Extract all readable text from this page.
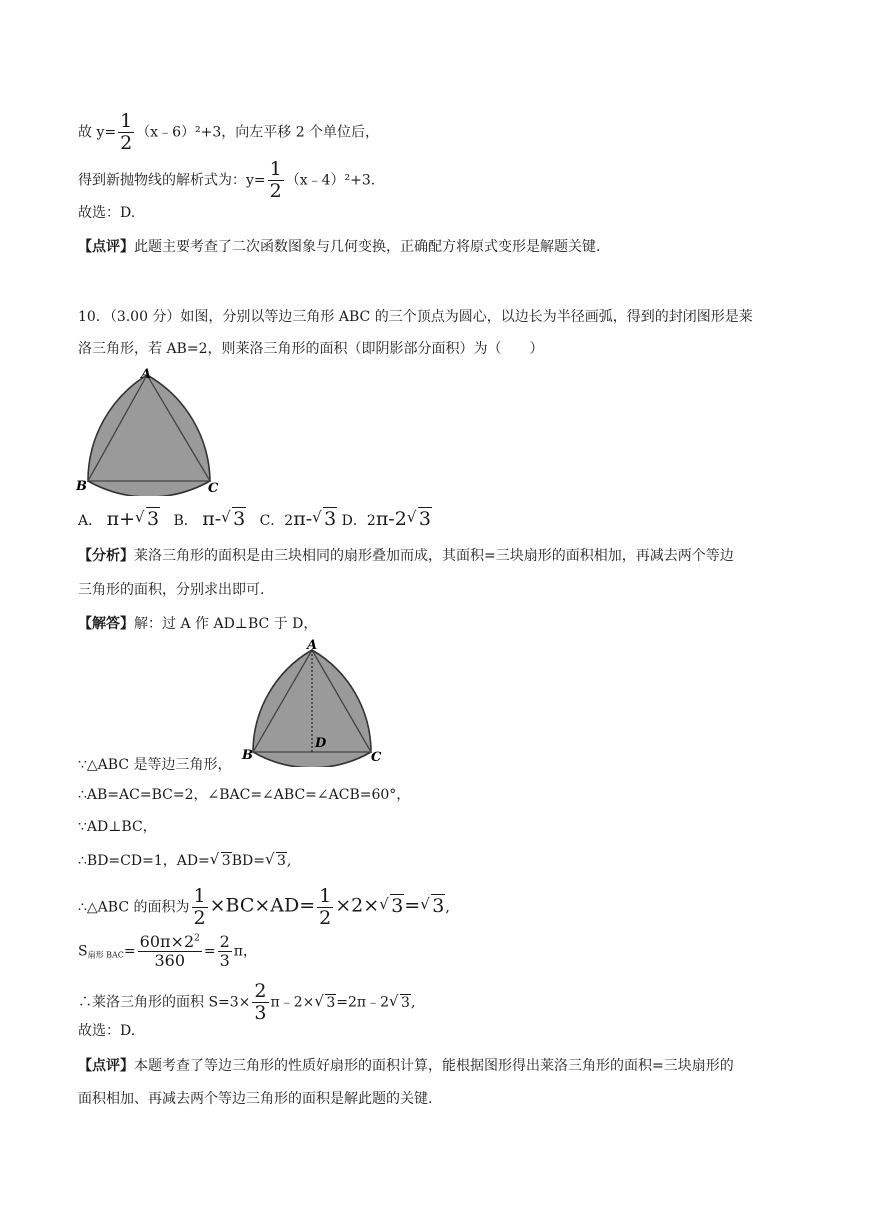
故 $y= \frac{1}{2}$ （x﹣6）²+3，向左平移 2 个单位后，
得到新抛物线的解析式为：$y= \frac{1}{2}$ （x﹣4）²+3.
故选：D.
【点评】此题主要考查了二次函数图象与几何变换，正确配方将原式变形是解题关键.
10．（3.00 分）如图，分别以等边三角形 ABC 的三个顶点为圆心，以边长为半径画弧，得到的封闭图形是莱
洛三角形，若 AB=2，则莱洛三角形的面积（即阴影部分面积）为（　　）
A
B	C
A． π+√ 3 B． π-√ 3 C．2π-√ 3 D．2π-2√ 3
【分析】莱洛三角形的面积是由三块相同的扇形叠加而成，其面积=三块扇形的面积相加，再减去两个等边
三角形的面积，分别求出即可.
【解答】解：过 A 作 AD⊥BC 于 D，
A
B	C
D
∵△ABC 是等边三角形，
∴AB=AC=BC=2，∠BAC=∠ABC=∠ACB=60°，
∵AD⊥BC，
∴BD=CD=1，AD=√ 3BD=√ 3,
∴△ABC 的面积为 $\frac{1}{2} \times BC\times AD= \frac{1}{2} \times 2\times√$ 3=√ 3,
$S_{扇形 BAC}= \frac{60\pi\times 2^2}{360} = \frac{2}{3}$ π，
∴莱洛三角形的面积 $S=3\times \frac{2}{3}$ π﹣2×√ 3=2π﹣2√ 3,
故选：D.
【点评】本题考查了等边三角形的性质好扇形的面积计算，能根据图形得出莱洛三角形的面积=三块扇形的
面积相加、再减去两个等边三角形的面积是解此题的关键.
